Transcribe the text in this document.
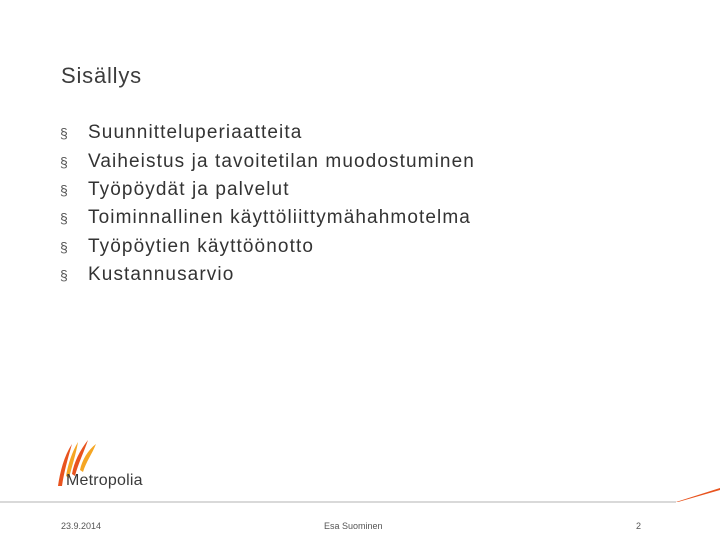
Sisällys
§	Suunnitteluperiaatteita
§	Vaiheistus ja tavoitetilan muodostuminen
§	Työpöydät ja palvelut
§	Toiminnallinen käyttöliittymähahmotelma
§	Työpöytien käyttöönotto
§	Kustannusarvio
Metropolia
23.9.2014	Esa Suominen	2
